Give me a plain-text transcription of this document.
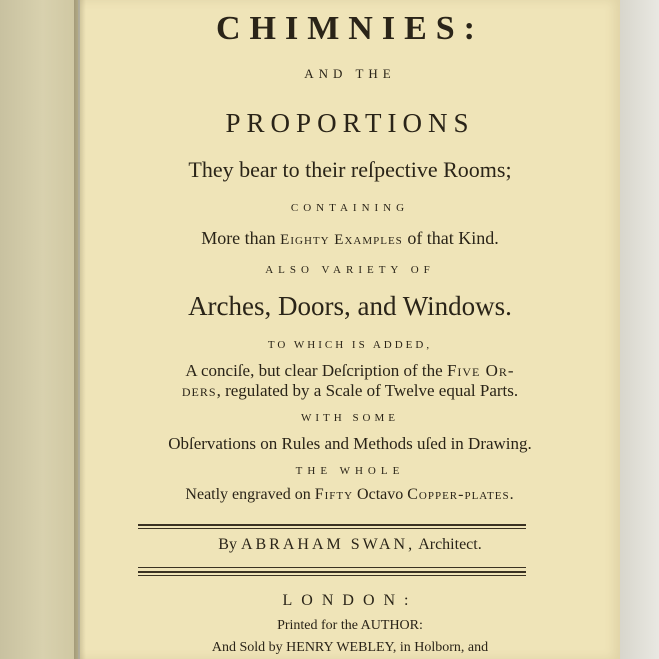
CHIMNIES:
AND THE
PROPORTIONS
They bear to their reſpective Rooms;
CONTAINING
More than Eighty Examples of that Kind.
ALSO VARIETY OF
Arches, Doors, and Windows.
TO WHICH IS ADDED,
A conciſe, but clear Deſcription of the Five Or-
ders, regulated by a Scale of Twelve equal Parts.
WITH SOME
Obſervations on Rules and Methods uſed in Drawing.
THE WHOLE
Neatly engraved on Fifty Octavo Copper-plates.
By ABRAHAM SWAN, Architect.
LONDON:
Printed for the AUTHOR:
And Sold by HENRY WEBLEY, in Holborn, and
